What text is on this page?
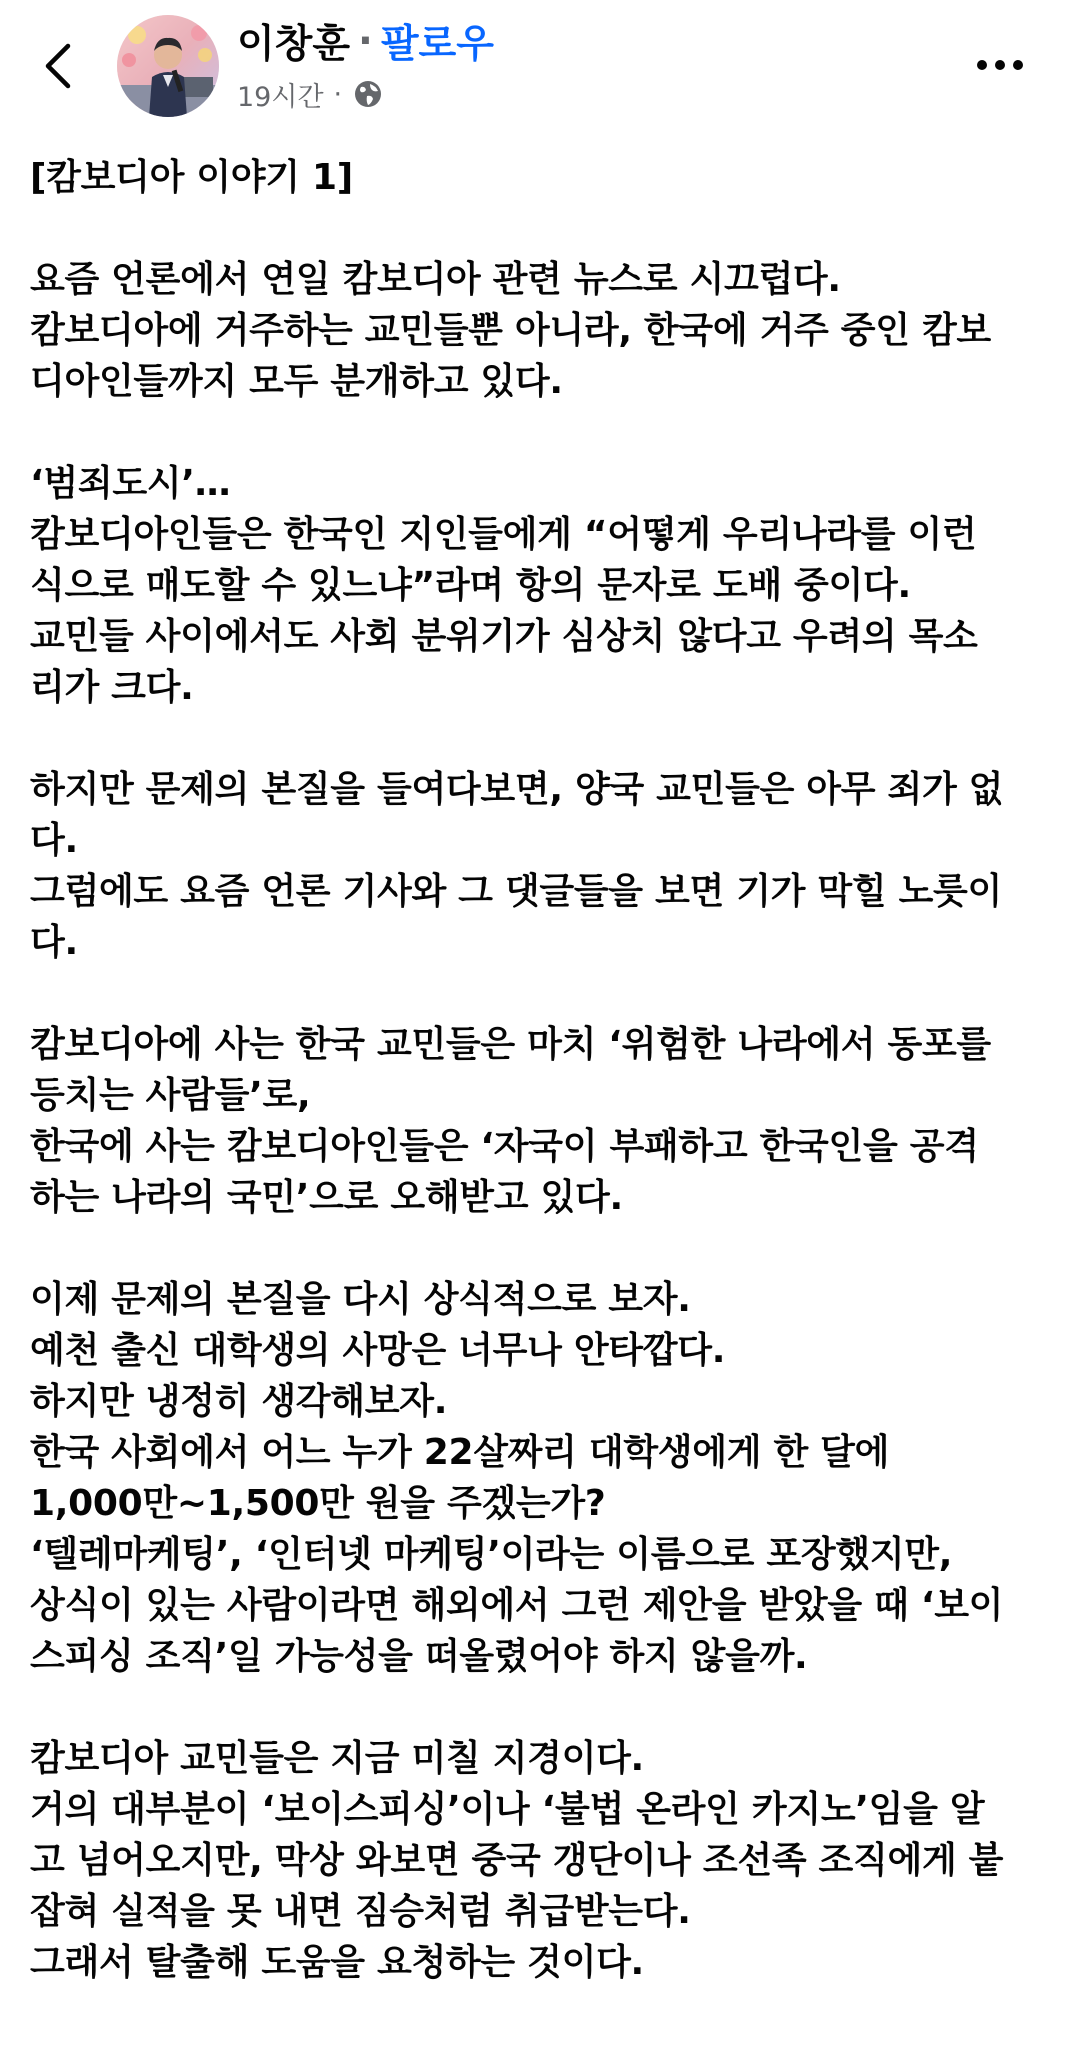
이창훈 · 팔로우
19시간 ·
[캄보디아 이야기 1]
요즘 언론에서 연일 캄보디아 관련 뉴스로 시끄럽다.
캄보디아에 거주하는 교민들뿐 아니라, 한국에 거주 중인 캄보
디아인들까지 모두 분개하고 있다.
‘범죄도시’…
캄보디아인들은 한국인 지인들에게 “어떻게 우리나라를 이런
식으로 매도할 수 있느냐”라며 항의 문자로 도배 중이다.
교민들 사이에서도 사회 분위기가 심상치 않다고 우려의 목소
리가 크다.
하지만 문제의 본질을 들여다보면, 양국 교민들은 아무 죄가 없
다.
그럼에도 요즘 언론 기사와 그 댓글들을 보면 기가 막힐 노릇이
다.
캄보디아에 사는 한국 교민들은 마치 ‘위험한 나라에서 동포를
등치는 사람들’로,
한국에 사는 캄보디아인들은 ‘자국이 부패하고 한국인을 공격
하는 나라의 국민’으로 오해받고 있다.
이제 문제의 본질을 다시 상식적으로 보자.
예천 출신 대학생의 사망은 너무나 안타깝다.
하지만 냉정히 생각해보자.
한국 사회에서 어느 누가 22살짜리 대학생에게 한 달에
1,000만~1,500만 원을 주겠는가?
‘텔레마케팅’, ‘인터넷 마케팅’이라는 이름으로 포장했지만,
상식이 있는 사람이라면 해외에서 그런 제안을 받았을 때 ‘보이
스피싱 조직’일 가능성을 떠올렸어야 하지 않을까.
캄보디아 교민들은 지금 미칠 지경이다.
거의 대부분이 ‘보이스피싱’이나 ‘불법 온라인 카지노’임을 알
고 넘어오지만, 막상 와보면 중국 갱단이나 조선족 조직에게 붙
잡혀 실적을 못 내면 짐승처럼 취급받는다.
그래서 탈출해 도움을 요청하는 것이다.
